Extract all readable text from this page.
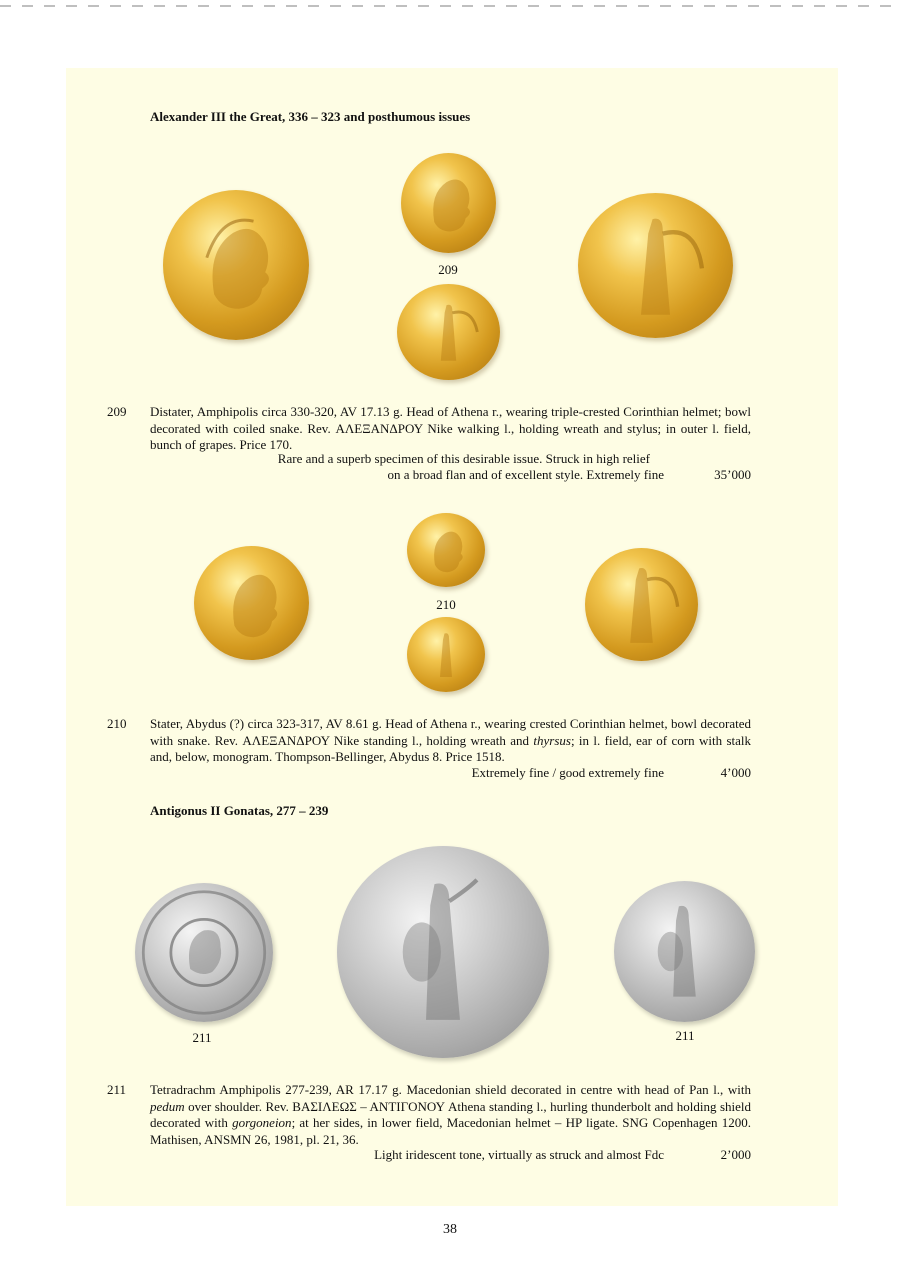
Alexander III the Great, 336 – 323 and posthumous issues
209
209 Distater, Amphipolis circa 330-320, AV 17.13 g. Head of Athena r., wearing triple-crested Corinthian helmet; bowl decorated with coiled snake. Rev. ΑΛΕΞΑΝΔΡΟΥ Nike walking l., holding wreath and stylus; in outer l. field, bunch of grapes. Price 170.

Rare and a superb specimen of this desirable issue. Struck in high relief
on a broad flan and of excellent style. Extremely fine	35’000
210
210 Stater, Abydus (?) circa 323-317, AV 8.61 g. Head of Athena r., wearing crested Corinthian helmet, bowl decorated with snake. Rev. ΑΛΕΞΑΝΔΡΟΥ Nike standing l., holding wreath and thyrsus; in l. field, ear of corn with stalk and, below, monogram. Thompson-Bellinger, Abydus 8. Price 1518.

Extremely fine / good extremely fine	4’000
Antigonus II Gonatas, 277 – 239
211	211
211 Tetradrachm Amphipolis 277-239, AR 17.17 g. Macedonian shield decorated in centre with head of Pan l., with pedum over shoulder. Rev. ΒΑΣΙΛΕΩΣ – ΑΝΤΙΓΟΝΟΥ Athena standing l., hurling thunderbolt and holding shield decorated with gorgoneion; at her sides, in lower field, Macedonian helmet – HP ligate. SNG Copenhagen 1200. Mathisen, ANSMN 26, 1981, pl. 21, 36.

Light iridescent tone, virtually as struck and almost Fdc	2’000
38
